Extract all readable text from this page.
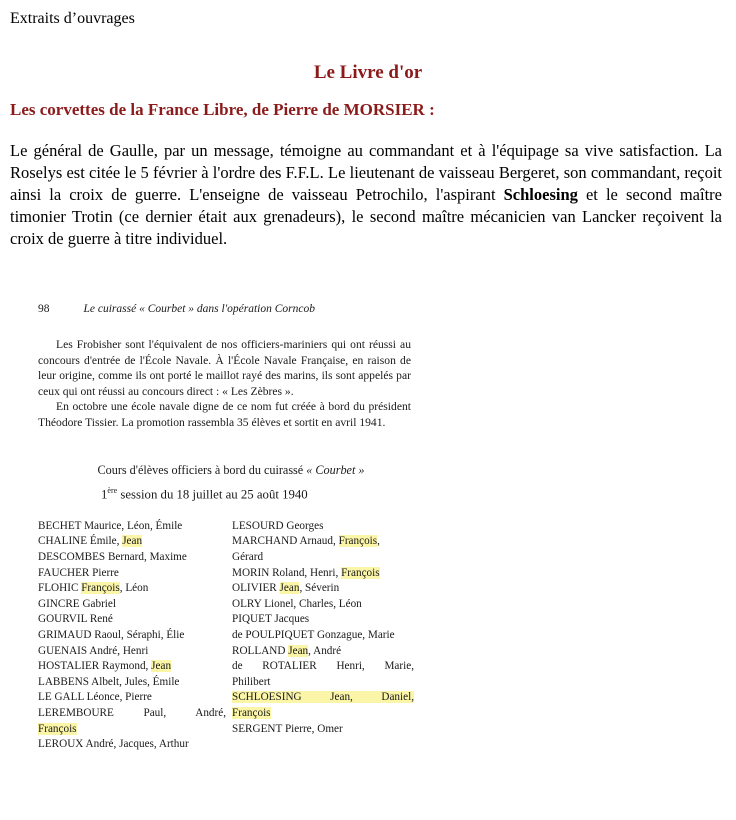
Extraits d’ouvrages
Le Livre d'or
Les corvettes de la France Libre, de Pierre de MORSIER :
Le général de Gaulle, par un message, témoigne au commandant et à l'équipage sa vive satisfaction. La Roselys est citée le 5 février à l'ordre des F.F.L. Le lieutenant de vaisseau Bergeret, son commandant, reçoit ainsi la croix de guerre. L'enseigne de vaisseau Petrochilo, l'aspirant Schloesing et le second maître timonier Trotin (ce dernier était aux grenadeurs), le second maître mécanicien van Lancker reçoivent la croix de guerre à titre individuel.
98	Le cuirassé « Courbet » dans l'opération Corncob

Les Frobisher sont l'équivalent de nos officiers-mariniers qui ont réussi au concours d'entrée de l'École Navale. À l'École Navale Française, en raison de leur origine, comme ils ont porté le maillot rayé des marins, ils sont appelés par ceux qui ont réussi au concours direct : « Les Zèbres ».

En octobre une école navale digne de ce nom fut créée à bord du président Théodore Tissier. La promotion rassembla 35 élèves et sortit en avril 1941.

Cours d'élèves officiers à bord du cuirassé « Courbet »
1ère session du 18 juillet au 25 août 1940
BECHET Maurice, Léon, Émile
CHALINE Émile, Jean
DESCOMBES Bernard, Maxime
FAUCHER Pierre
FLOHIC François, Léon
GINCRE Gabriel
GOURVIL René
GRIMAUD Raoul, Séraphi, Élie
GUENAIS André, Henri
HOSTALIER Raymond, Jean
LABBENS Albelt, Jules, Émile
LE GALL Léonce, Pierre
LEREMBOURE Paul, André,
François
LEROUX André, Jacques, Arthur
LESOURD Georges
MARCHAND Arnaud, François,
Gérard
MORIN Roland, Henri, François
OLIVIER Jean, Séverin
OLRY Lionel, Charles, Léon
PIQUET Jacques
de POULPIQUET Gonzague, Marie
ROLLAND Jean, André
de ROTALIER Henri, Marie,
Philibert
SCHLOESING Jean, Daniel,
François
SERGENT Pierre, Omer
